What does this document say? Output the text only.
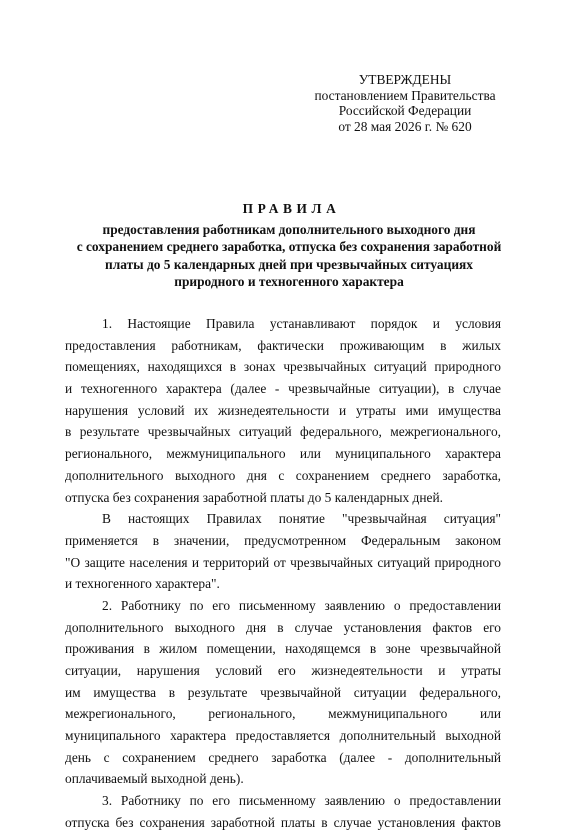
УТВЕРЖДЕНЫ
постановлением Правительства
Российской Федерации
от 28 мая 2026 г. № 620
ПРАВИЛА
предоставления работникам дополнительного выходного дня
с сохранением среднего заработка, отпуска без сохранения заработной
платы до 5 календарных дней при чрезвычайных ситуациях
природного и техногенного характера
1. Настоящие Правила устанавливают порядок и условия
предоставления работникам, фактически проживающим в жилых
помещениях, находящихся в зонах чрезвычайных ситуаций природного
и техногенного характера (далее - чрезвычайные ситуации), в случае
нарушения условий их жизнедеятельности и утраты ими имущества
в результате чрезвычайных ситуаций федерального, межрегионального,
регионального, межмуниципального или муниципального характера
дополнительного выходного дня с сохранением среднего заработка,
отпуска без сохранения заработной платы до 5 календарных дней.
В настоящих Правилах понятие "чрезвычайная ситуация"
применяется в значении, предусмотренном Федеральным законом
"О защите населения и территорий от чрезвычайных ситуаций природного
и техногенного характера".
2. Работнику по его письменному заявлению о предоставлении
дополнительного выходного дня в случае установления фактов его
проживания в жилом помещении, находящемся в зоне чрезвычайной
ситуации, нарушения условий его жизнедеятельности и утраты
им имущества в результате чрезвычайной ситуации федерального,
межрегионального, регионального, межмуниципального или
муниципального характера предоставляется дополнительный выходной
день с сохранением среднего заработка (далее - дополнительный
оплачиваемый выходной день).
3. Работнику по его письменному заявлению о предоставлении
отпуска без сохранения заработной платы в случае установления фактов
